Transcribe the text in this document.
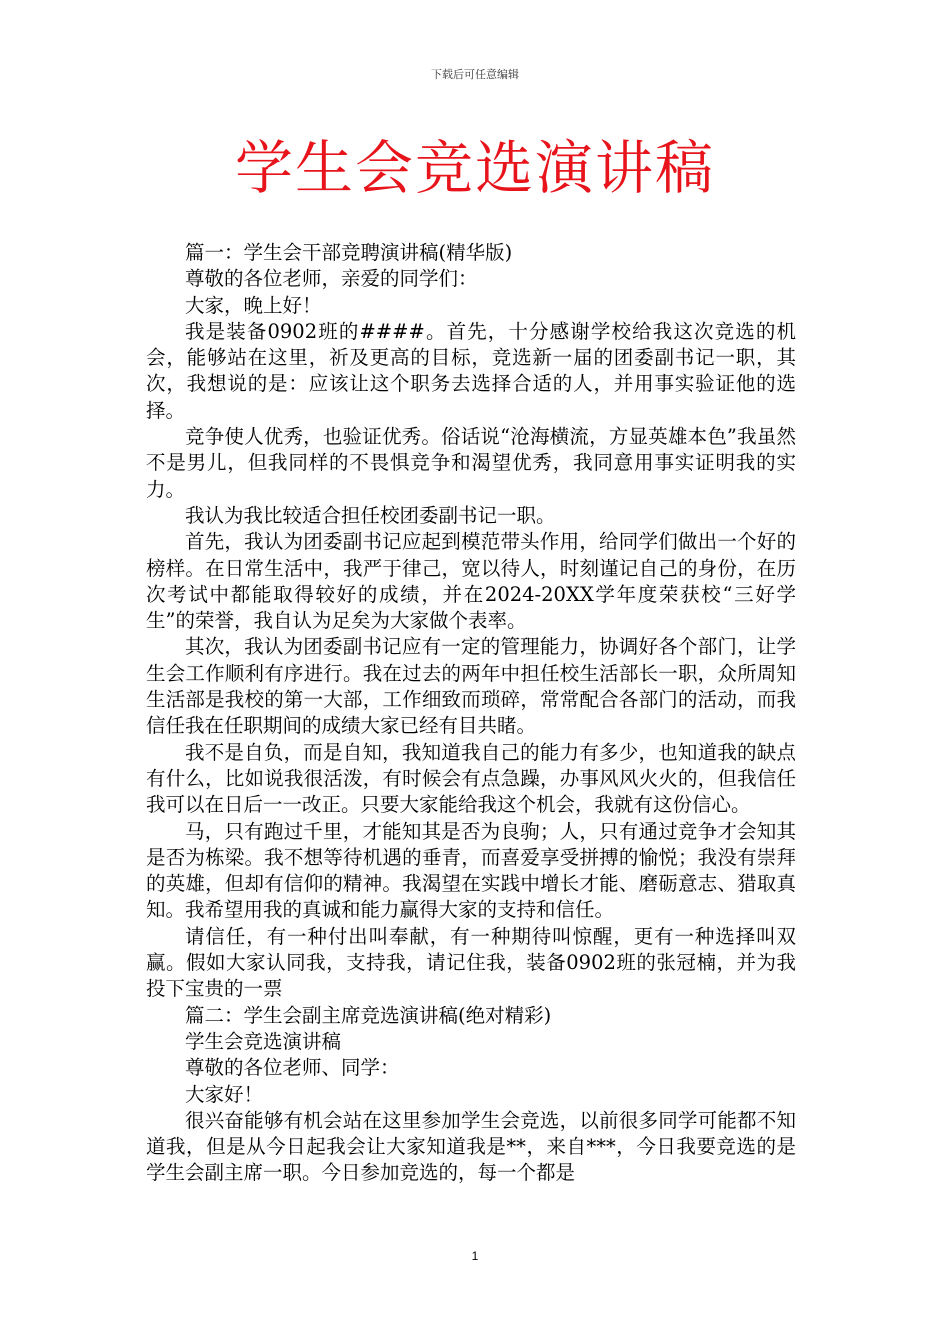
下载后可任意编辑
学生会竞选演讲稿

篇一：学生会干部竞聘演讲稿(精华版)

尊敬的各位老师，亲爱的同学们：

大家，晚上好！

我是装备0902班的####。首先，十分感谢学校给我这次竞选的机会，能够站在这里，祈及更高的目标，竞选新一届的团委副书记一职，其次，我想说的是：应该让这个职务去选择合适的人，并用事实验证他的选择。

竞争使人优秀，也验证优秀。俗话说“沧海横流，方显英雄本色”我虽然不是男儿，但我同样的不畏惧竞争和渴望优秀，我同意用事实证明我的实力。

我认为我比较适合担任校团委副书记一职。

首先，我认为团委副书记应起到模范带头作用，给同学们做出一个好的榜样。在日常生活中，我严于律己，宽以待人，时刻谨记自己的身份，在历次考试中都能取得较好的成绩，并在2024-20XX学年度荣获校“三好学生”的荣誉，我自认为足矣为大家做个表率。

其次，我认为团委副书记应有一定的管理能力，协调好各个部门，让学生会工作顺利有序进行。我在过去的两年中担任校生活部长一职，众所周知生活部是我校的第一大部，工作细致而琐碎，常常配合各部门的活动，而我信任我在任职期间的成绩大家已经有目共睹。

我不是自负，而是自知，我知道我自己的能力有多少，也知道我的缺点有什么，比如说我很活泼，有时候会有点急躁，办事风风火火的，但我信任我可以在日后一一改正。只要大家能给我这个机会，我就有这份信心。

马，只有跑过千里，才能知其是否为良驹；人，只有通过竞争才会知其是否为栋梁。我不想等待机遇的垂青，而喜爱享受拼搏的愉悦；我没有崇拜的英雄，但却有信仰的精神。我渴望在实践中增长才能、磨砺意志、猎取真知。我希望用我的真诚和能力赢得大家的支持和信任。

请信任，有一种付出叫奉献，有一种期待叫惊醒，更有一种选择叫双赢。假如大家认同我，支持我，请记住我，装备0902班的张冠楠，并为我投下宝贵的一票

篇二：学生会副主席竞选演讲稿(绝对精彩)

学生会竞选演讲稿

尊敬的各位老师、同学：

大家好！

很兴奋能够有机会站在这里参加学生会竞选，以前很多同学可能都不知道我，但是从今日起我会让大家知道我是**，来自***，今日我要竞选的是学生会副主席一职。今日参加竞选的，每一个都是

1
